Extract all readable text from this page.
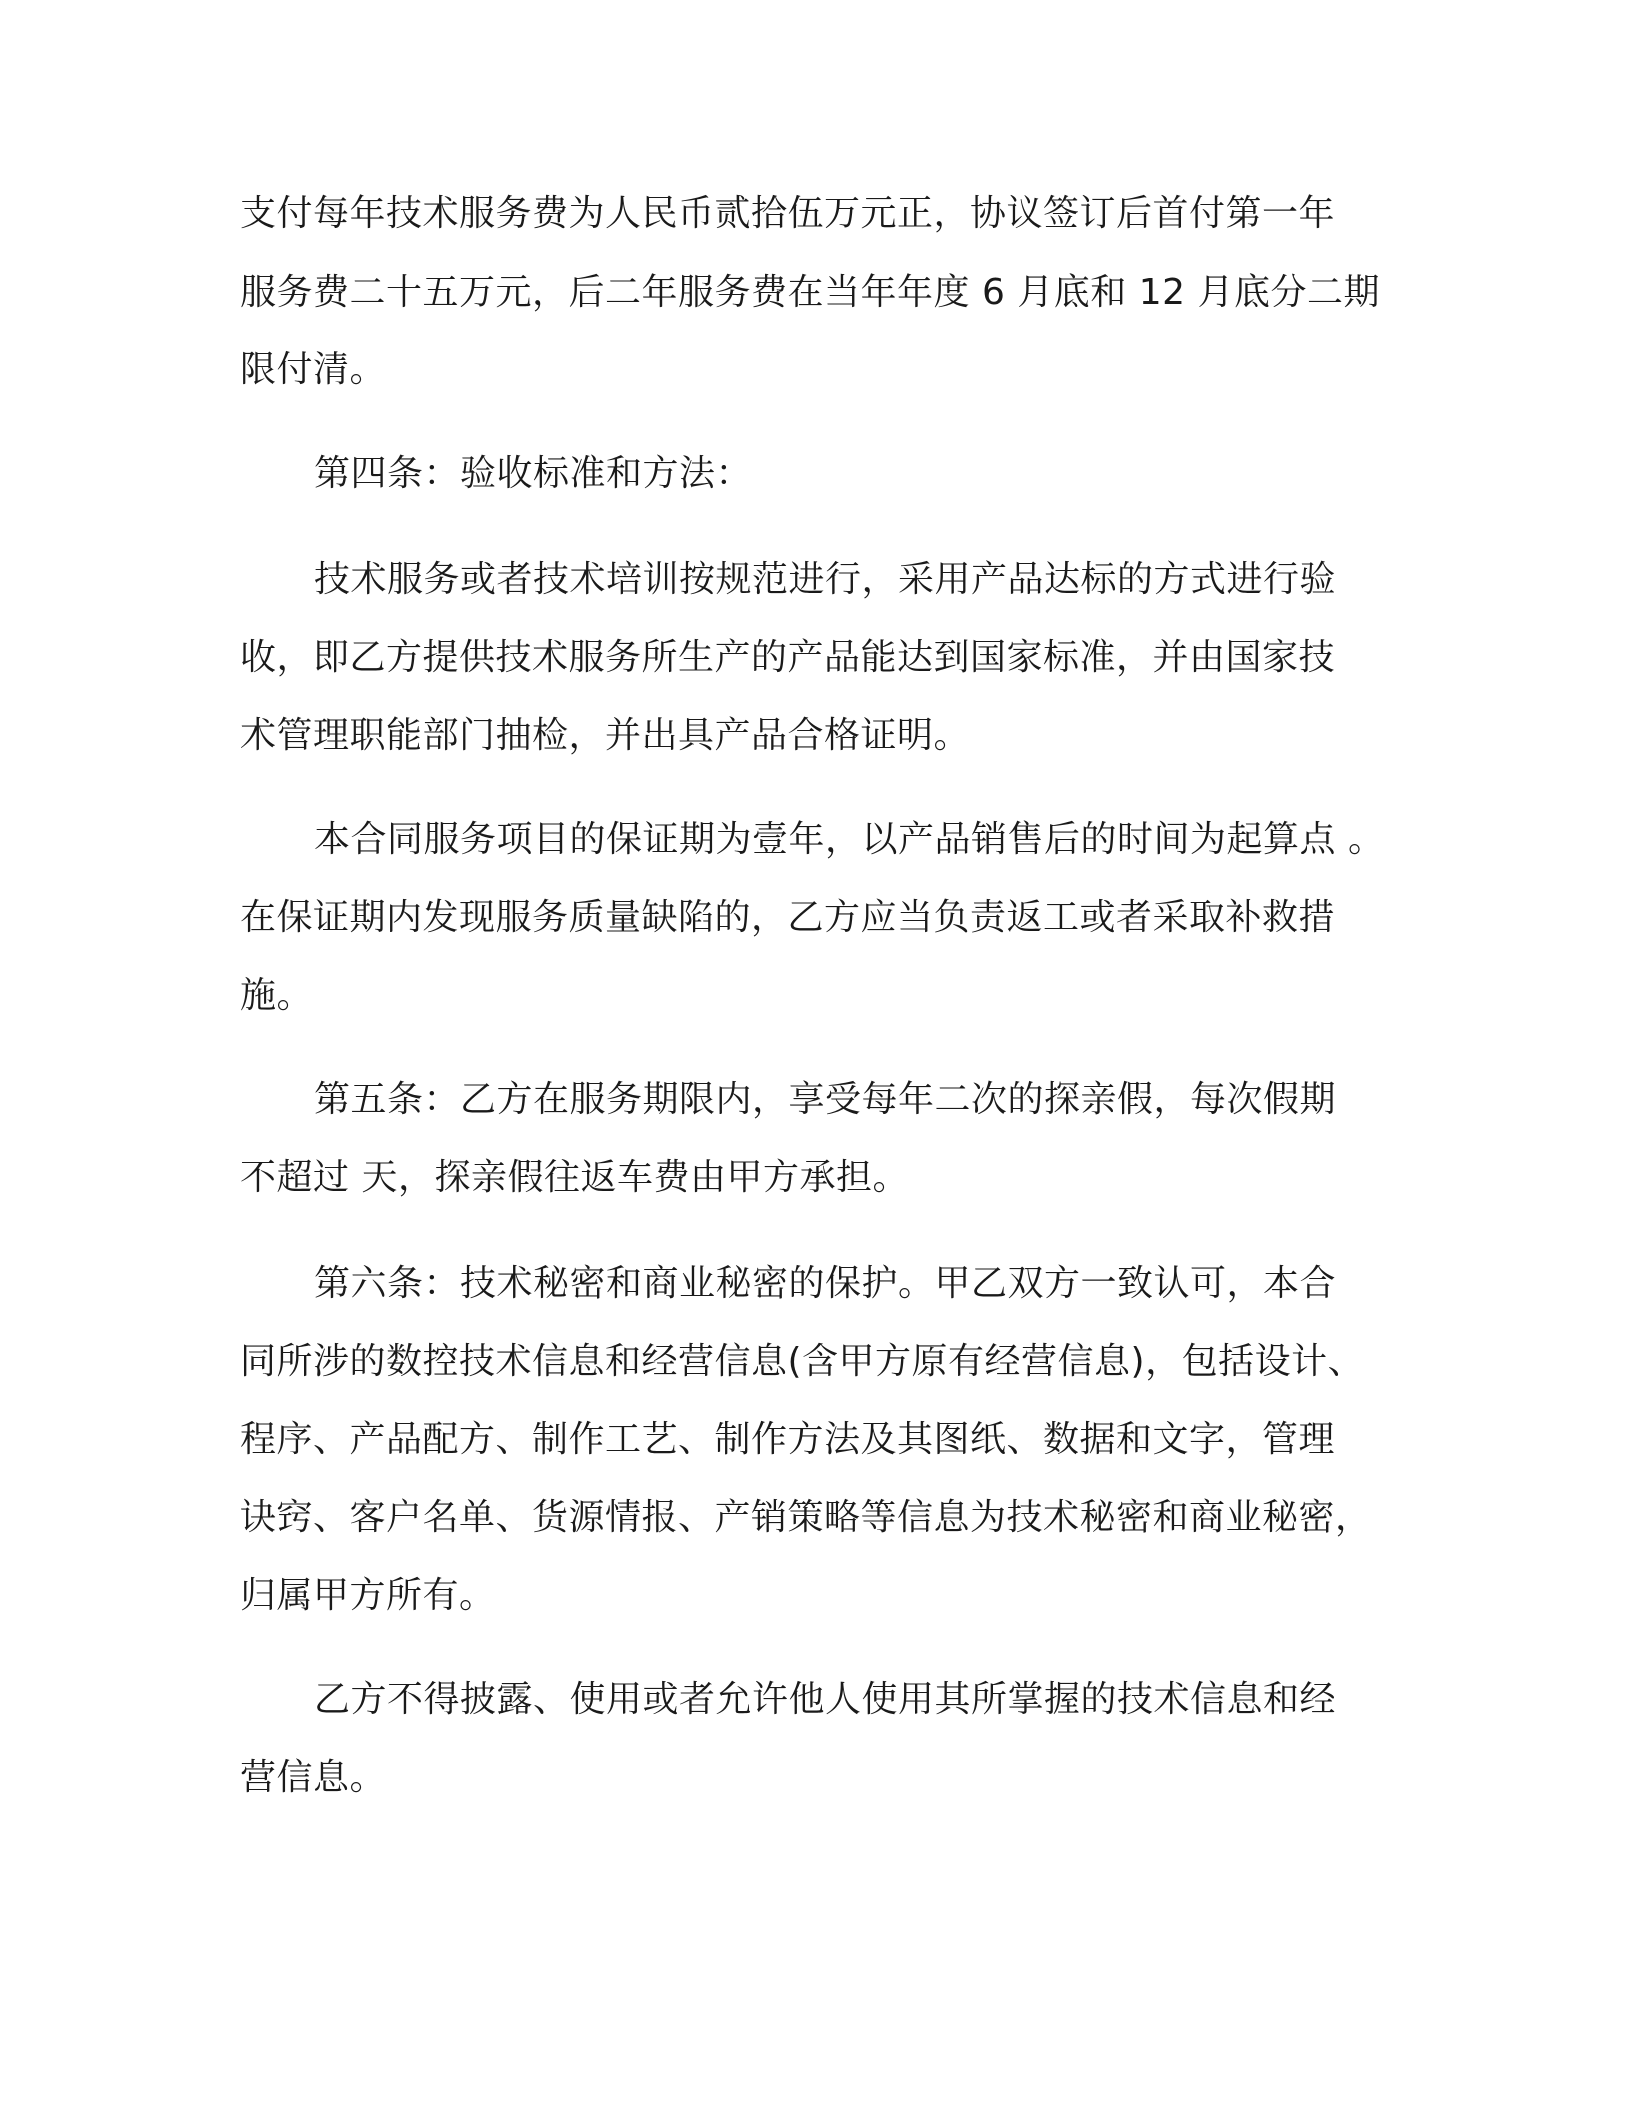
支付每年技术服务费为人民币贰拾伍万元正，协议签订后首付第一年
服务费二十五万元，后二年服务费在当年年度 6 月底和 12 月底分二期
限付清。
第四条：验收标准和方法：
技术服务或者技术培训按规范进行，采用产品达标的方式进行验
收，即乙方提供技术服务所生产的产品能达到国家标准，并由国家技
术管理职能部门抽检，并出具产品合格证明。
本合同服务项目的保证期为壹年，以产品销售后的时间为起算点 。
在保证期内发现服务质量缺陷的，乙方应当负责返工或者采取补救措
施。
第五条：乙方在服务期限内，享受每年二次的探亲假，每次假期
不超过 天，探亲假往返车费由甲方承担。
第六条：技术秘密和商业秘密的保护。甲乙双方一致认可，本合
同所涉的数控技术信息和经营信息(含甲方原有经营信息)，包括设计、
程序、产品配方、制作工艺、制作方法及其图纸、数据和文字，管理
诀窍、客户名单、货源情报、产销策略等信息为技术秘密和商业秘密，
归属甲方所有。
乙方不得披露、使用或者允许他人使用其所掌握的技术信息和经
营信息。
